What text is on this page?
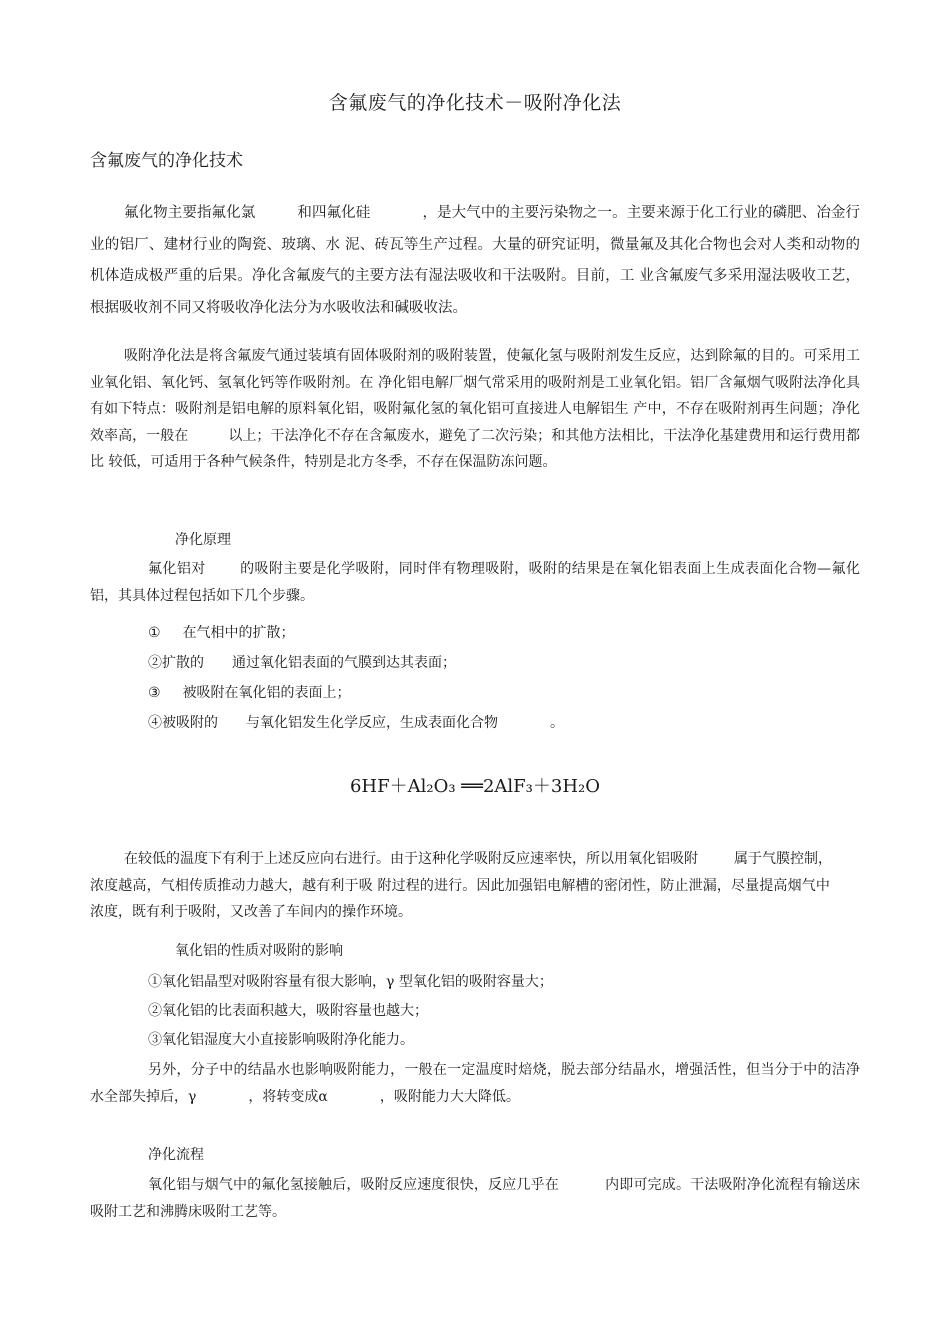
含氟废气的净化技术－吸附净化法
含氟废气的净化技术
氟化物主要指氟化氯	和四氟化硅	，是大气中的主要污染物之一。主要来源于化工行业的磷肥、冶金行业的铝厂、建材行业的陶瓷、玻璃、水 泥、砖瓦等生产过程。大量的研究证明，微量氟及其化合物也会对人类和动物的机体造成极严重的后果。净化含氟废气的主要方法有湿法吸收和干法吸附。目前，工 业含氟废气多采用湿法吸收工艺，根据吸收剂不同又将吸收净化法分为水吸收法和碱吸收法。
吸附净化法是将含氟废气通过装填有固体吸附剂的吸附装置，使氟化氢与吸附剂发生反应，达到除氟的目的。可采用工业氧化铝、氧化钙、氢氧化钙等作吸附剂。在 净化铝电解厂烟气常采用的吸附剂是工业氧化铝。铝厂含氟烟气吸附法净化具有如下特点：吸附剂是铝电解的原料氧化铝，吸附氟化氢的氧化铝可直接进人电解铝生 产中，不存在吸附剂再生问题；净化效率高，一般在	以上；干法净化不存在含氟废水，避免了二次污染；和其他方法相比，干法净化基建费用和运行费用都比 较低，可适用于各种气候条件，特别是北方冬季，不存在保温防冻问题。
净化原理
氟化铝对 的吸附主要是化学吸附，同时伴有物理吸附，吸附的结果是在氧化铝表面上生成表面化合物—氟化铝，其具体过程包括如下几个步骤。
① 在气相中的扩散；
②扩散的 通过氧化铝表面的气膜到达其表面；
③ 被吸附在氧化铝的表面上；
④被吸附的 与氧化铝发生化学反应，生成表面化合物	。
6HF＋Al₂O₃ ══2AlF₃＋3H₂O
在较低的温度下有利于上述反应向右进行。由于这种化学吸附反应速率快，所以用氧化铝吸附	属于气膜控制，浓度越高，气相传质推动力越大，越有利于吸 附过程的进行。因此加强铝电解槽的密闭性，防止泄漏，尽量提高烟气中浓度，既有利于吸附，又改善了车间内的操作环境。
氧化铝的性质对吸附的影响
①氧化铝晶型对吸附容量有很大影响，γ 型氧化铝的吸附容量大；
②氧化铝的比表面积越大，吸附容量也越大；
③氧化铝湿度大小直接影响吸附净化能力。
另外，分子中的结晶水也影响吸附能力，一般在一定温度时焙烧，脱去部分结晶水，增强活性，但当分于中的洁净水全部失掉后，γ	，将转变成α	，吸附能力大大降低。
净化流程
氧化铝与烟气中的氟化氢接触后，吸附反应速度很快，反应几乎在	内即可完成。干法吸附净化流程有输送床吸附工艺和沸腾床吸附工艺等。
